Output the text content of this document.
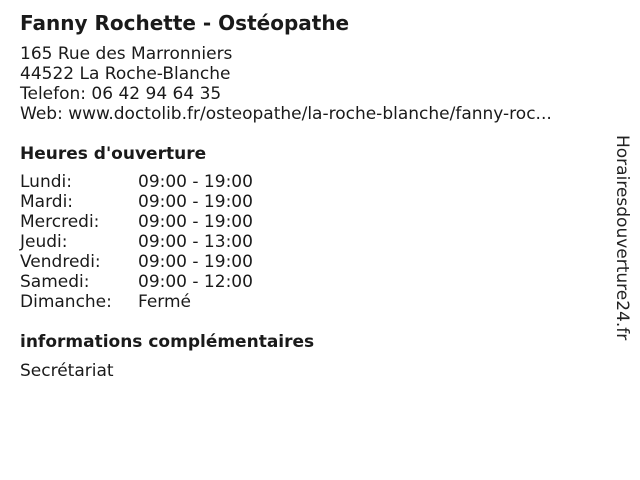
Fanny Rochette - Ostéopathe
165 Rue des Marronniers
44522 La Roche-Blanche
Telefon: 06 42 94 64 35
Web: www.doctolib.fr/osteopathe/la-roche-blanche/fanny-roc...
Heures d'ouverture
Lundi:	09:00 - 19:00
Mardi:	09:00 - 19:00
Mercredi:	09:00 - 19:00
Jeudi:	09:00 - 13:00
Vendredi:	09:00 - 19:00
Samedi:	09:00 - 12:00
Dimanche:	Fermé
informations complémentaires
Secrétariat
Horairesdouverture24.fr
